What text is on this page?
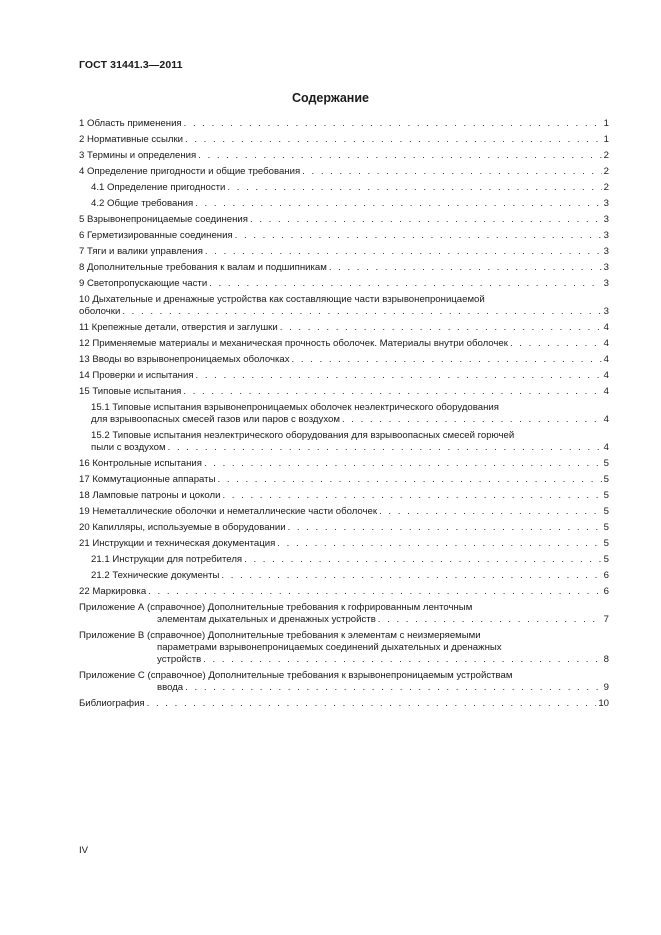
ГОСТ 31441.3—2011
Содержание
1 Область применения . . .	1
2 Нормативные ссылки . . .	1
3 Термины и определения . . .	2
4 Определение пригодности и общие требования . . .	2
4.1 Определение пригодности . . .	2
4.2 Общие требования . . .	3
5 Взрывонепроницаемые соединения . . .	3
6 Герметизированные соединения . . .	3
7 Тяги и валики управления . . .	3
8 Дополнительные требования к валам и подшипникам . . .	3
9 Светопропускающие части . . .	3
10 Дыхательные и дренажные устройства как составляющие части взрывонепроницаемой
оболочки . . .	3
11 Крепежные детали, отверстия и заглушки . . .	4
12 Применяемые материалы и механическая прочность оболочек. Материалы внутри оболочек . . .	4
13 Вводы во взрывонепроницаемых оболочках . . .	4
14 Проверки и испытания . . .	4
15 Типовые испытания . . .	4
15.1 Типовые испытания взрывонепроницаемых оболочек неэлектрического оборудования
для взрывоопасных смесей газов или паров с воздухом . . .	4
15.2 Типовые испытания неэлектрического оборудования для взрывоопасных смесей горючей
пыли с воздухом . . .	4
16 Контрольные испытания . . .	5
17 Коммутационные аппараты . . .	5
18 Ламповые патроны и цоколи . . .	5
19 Неметаллические оболочки и неметаллические части оболочек . . .	5
20 Капилляры, используемые в оборудовании . . .	5
21 Инструкции и техническая документация . . .	5
21.1 Инструкции для потребителя . . .	5
21.2 Технические документы . . .	6
22 Маркировка . . .	6
Приложение А (справочное) Дополнительные требования к гофрированным ленточным
элементам дыхательных и дренажных устройств . . .	7
Приложение В (справочное) Дополнительные требования к элементам с неизмеряемыми
параметрами взрывонепроницаемых соединений дыхательных и дренажных
устройств . . .	8
Приложение С (справочное) Дополнительные требования к взрывонепроницаемым устройствам
ввода . . .	9
Библиография . . .	10
IV
